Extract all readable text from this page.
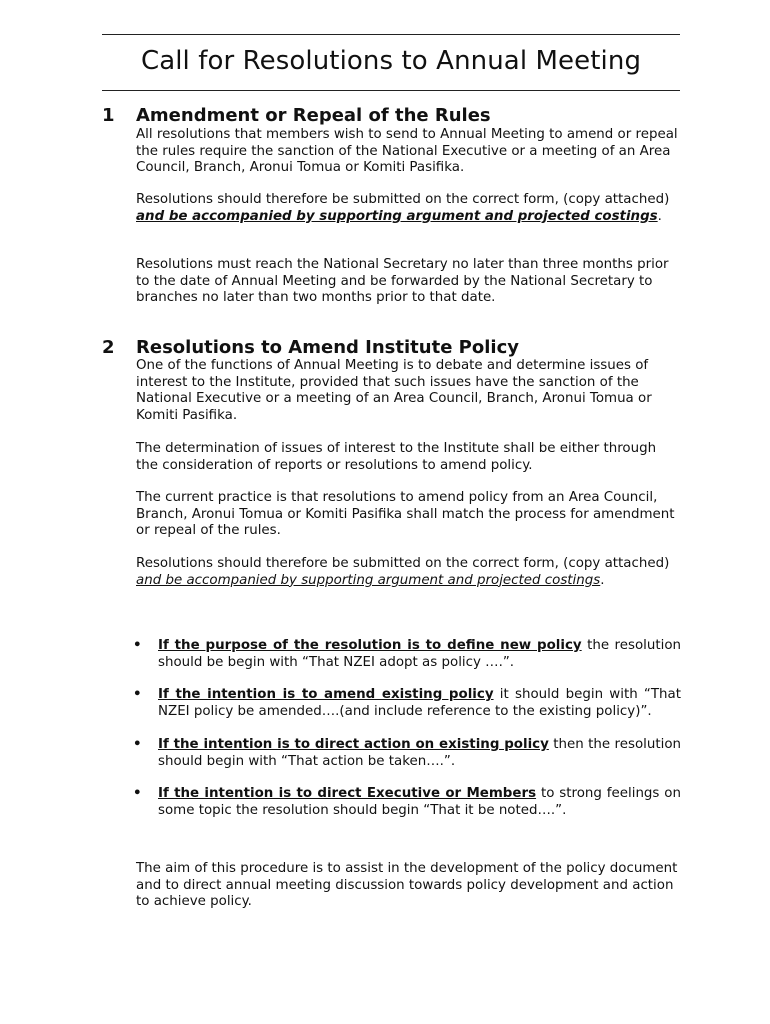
Call for Resolutions to Annual Meeting
1 Amendment or Repeal of the Rules
All resolutions that members wish to send to Annual Meeting to amend or repeal the rules require the sanction of the National Executive or a meeting of an Area Council, Branch, Aronui Tomua or Komiti Pasifika.
Resolutions should therefore be submitted on the correct form, (copy attached) and be accompanied by supporting argument and projected costings.
Resolutions must reach the National Secretary no later than three months prior to the date of Annual Meeting and be forwarded by the National Secretary to branches no later than two months prior to that date.
2 Resolutions to Amend Institute Policy
One of the functions of Annual Meeting is to debate and determine issues of interest to the Institute, provided that such issues have the sanction of the National Executive or a meeting of an Area Council, Branch, Aronui Tomua or Komiti Pasifika.
The determination of issues of interest to the Institute shall be either through the consideration of reports or resolutions to amend policy.
The current practice is that resolutions to amend policy from an Area Council, Branch, Aronui Tomua or Komiti Pasifika shall match the process for amendment or repeal of the rules.
Resolutions should therefore be submitted on the correct form, (copy attached) and be accompanied by supporting argument and projected costings.
• If the purpose of the resolution is to define new policy the resolution should be begin with “That NZEI adopt as policy ….”.
• If the intention is to amend existing policy it should begin with “That NZEI policy be amended….(and include reference to the existing policy)”.
• If the intention is to direct action on existing policy then the resolution should begin with “That action be taken….”.
• If the intention is to direct Executive or Members to strong feelings on some topic the resolution should begin “That it be noted….”.
The aim of this procedure is to assist in the development of the policy document and to direct annual meeting discussion towards policy development and action to achieve policy.
